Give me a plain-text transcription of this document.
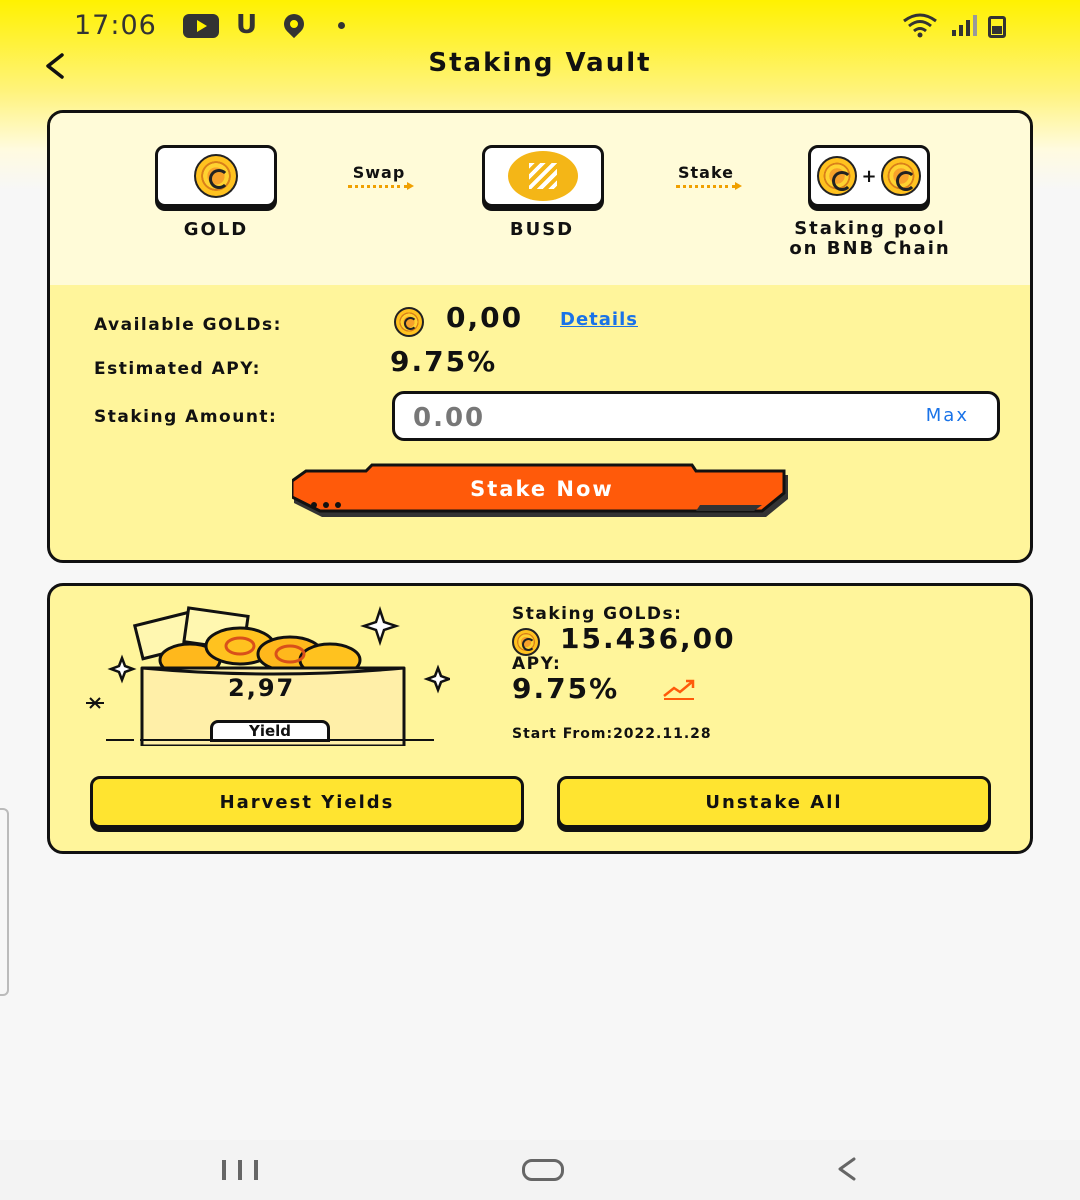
17:06	U
Staking Vault
GOLD
Swap
BUSD
Stake	+
Staking pool
on BNB Chain
Available GOLDs:	0,00 Details
Estimated APY:	9.75%
Staking Amount:
0.00	Max
Stake Now
2,97
Yield
Staking GOLDs:
15.436,00
APY:
9.75%
Start From:2022.11.28
Harvest Yields	Unstake All
